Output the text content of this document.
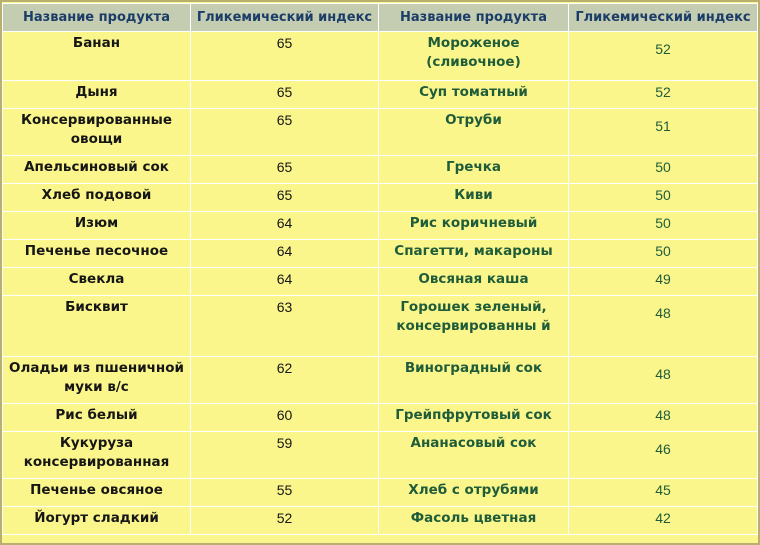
Название продукта	Гликемический индекс	Название продукта	Гликемический индекс
Банан	65	Мороженое (сливочное)	52
Дыня	65	Суп томатный	52
Консервированные овощи	65	Отруби	51
Апельсиновый сок	65	Гречка	50
Хлеб подовой	65	Киви	50
Изюм	64	Рис коричневый	50
Печенье песочное	64	Спагетти, макароны	50
Свекла	64	Овсяная каша	49
Бисквит	63	Горошек зеленый, консервированны й	48
Оладьи из пшеничной муки в/с	62	Виноградный сок	48
Рис белый	60	Грейпфрутовый сок	48
Кукуруза консервированная	59	Ананасовый сок	46
Печенье овсяное	55	Хлеб с отрубями	45
Йогурт сладкий	52	Фасоль цветная	42
